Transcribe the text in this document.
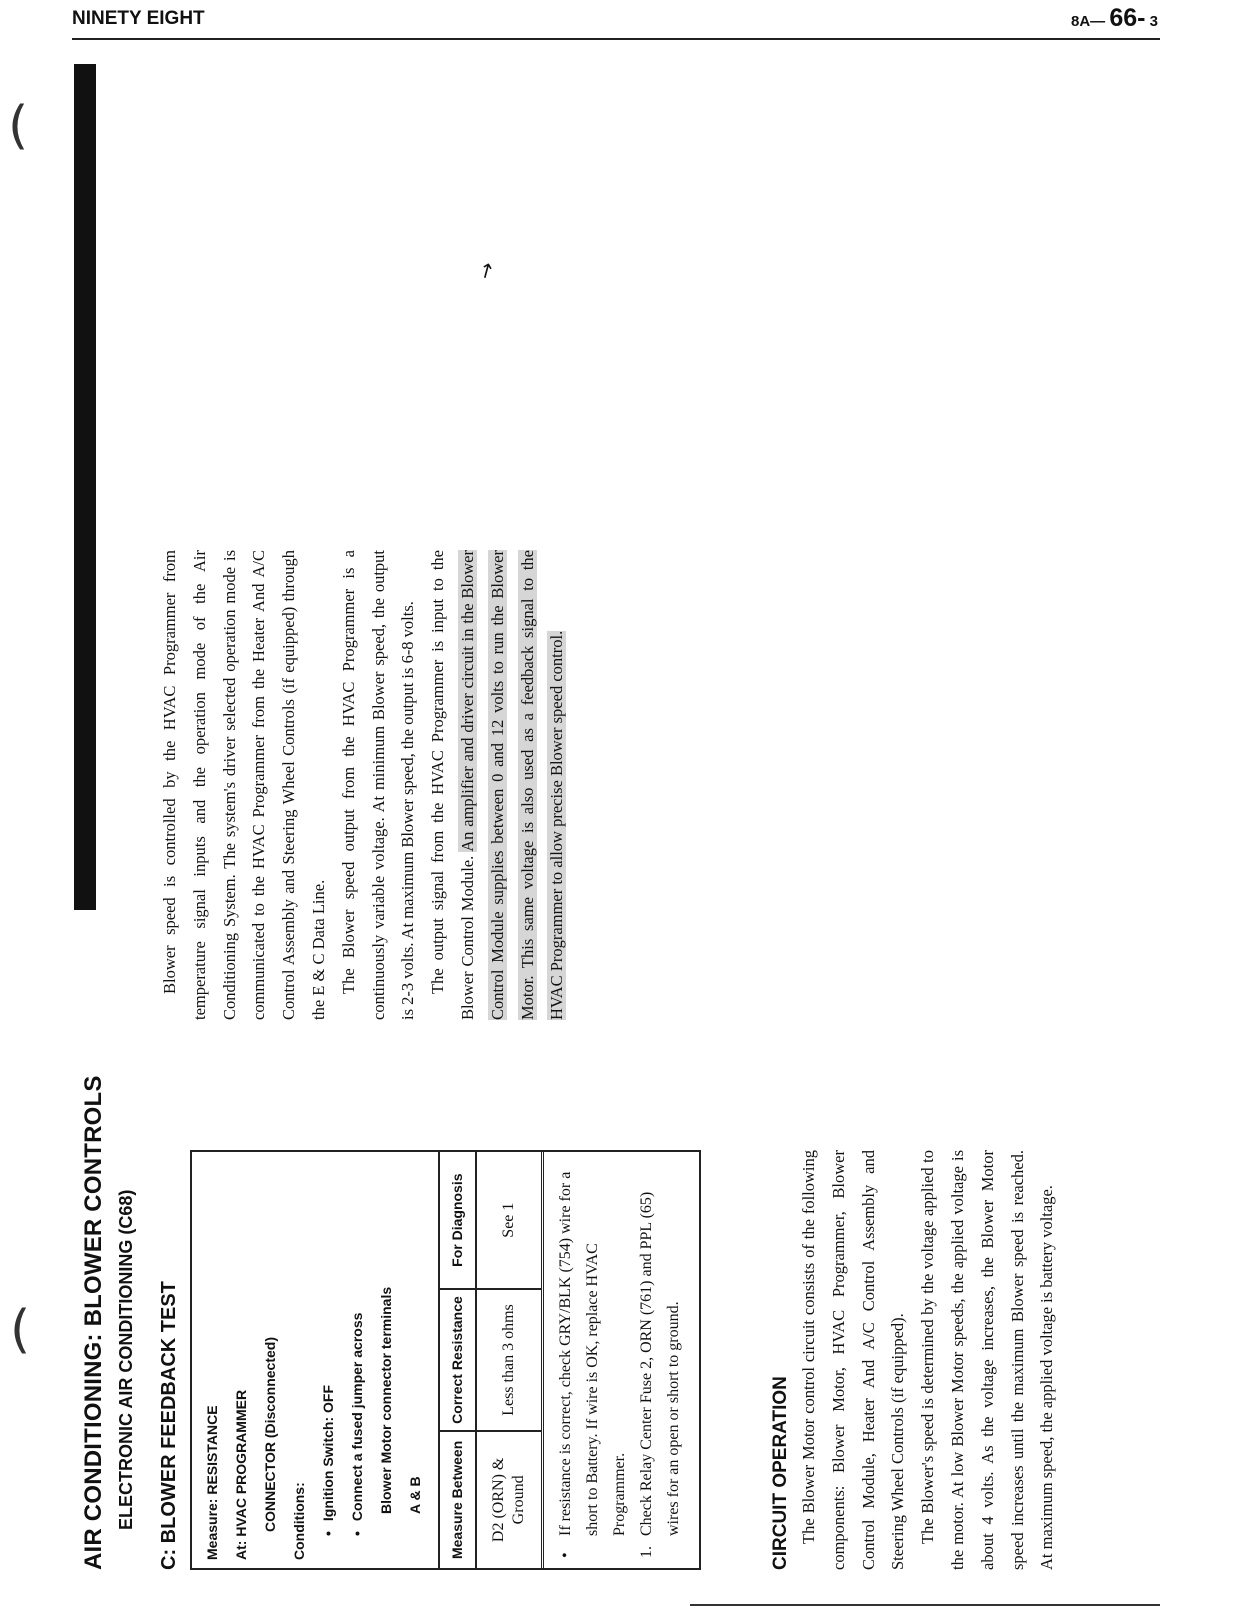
NINETY EIGHT	8A— 66- 3
(
(
↗
AIR CONDITIONING: BLOWER CONTROLS ELECTRONIC AIR CONDITIONING (C68) C: BLOWER FEEDBACK TEST	Measure: RESISTANCE At: HVAC PROGRAMMER CONNECTOR (Disconnected) Conditions:
• Ignition Switch: OFF • Connect a fused jumper across Blower Motor connector terminals A & B	Measure Between	Correct Resistance	For Diagnosis
D2 (ORN) & Ground	Less than 3 ohms	See 1
•
If resistance is correct, check GRY/BLK (754) wire for a short to Battery. If wire is OK, replace HVAC Programmer.
1.
Check Relay Center Fuse 2, ORN (761) and PPL (65) wires for an open or short to ground.	CIRCUIT OPERATION The Blower Motor control circuit consists of the following components: Blower Motor, HVAC Programmer, Blower Control Module, Heater And A/C Control Assembly and Steering Wheel Controls (if equipped). The Blower's speed is determined by the voltage applied to the motor. At low Blower Motor speeds, the applied voltage is about 4 volts. As the voltage increases, the Blower Motor speed increases until the maximum Blower speed is reached. At maximum speed, the applied voltage is battery voltage.

Blower speed is controlled by the HVAC Programmer from temperature signal inputs and the operation mode of the Air Conditioning System. The system's driver selected operation mode is communicated to the HVAC Programmer from the Heater And A/C Control Assembly and Steering Wheel Controls (if equipped) through the E & C Data Line. The Blower speed output from the HVAC Programmer is a continuously variable voltage. At minimum Blower speed, the output is 2-3 volts. At maximum Blower speed, the output is 6-8 volts. The output signal from the HVAC Programmer is input to the Blower Control Module. An amplifier and driver circuit in the Blower Control Module supplies between 0 and 12 volts to run the Blower Motor. This same voltage is also used as a feedback signal to the HVAC Programmer to allow precise Blower speed control.
